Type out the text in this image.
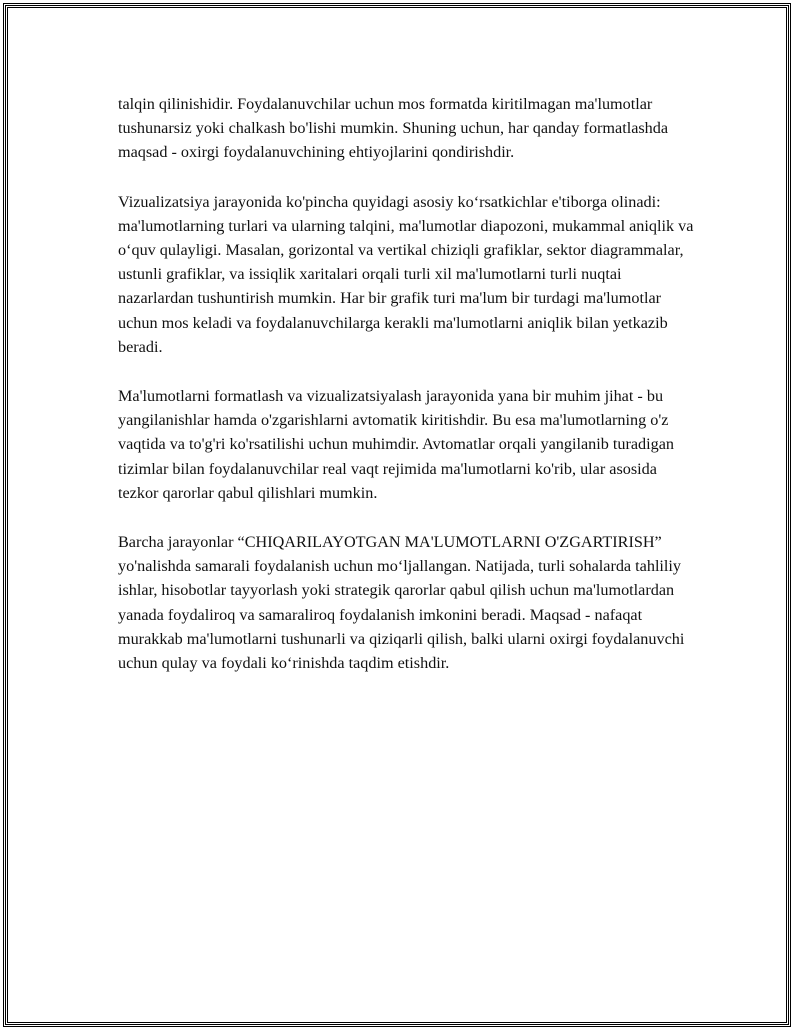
talqin qilinishidir. Foydalanuvchilar uchun mos formatda kiritilmagan ma'lumotlar tushunarsiz yoki chalkash bo'lishi mumkin. Shuning uchun, har qanday formatlashda maqsad - oxirgi foydalanuvchining ehtiyojlarini qondirishdir.

Vizualizatsiya jarayonida ko'pincha quyidagi asosiy ko‘rsatkichlar e'tiborga olinadi: ma'lumotlarning turlari va ularning talqini, ma'lumotlar diapozoni, mukammal aniqlik va o‘quv qulayligi. Masalan, gorizontal va vertikal chiziqli grafiklar, sektor diagrammalar, ustunli grafiklar, va issiqlik xaritalari orqali turli xil ma'lumotlarni turli nuqtai nazarlardan tushuntirish mumkin. Har bir grafik turi ma'lum bir turdagi ma'lumotlar uchun mos keladi va foydalanuvchilarga kerakli ma'lumotlarni aniqlik bilan yetkazib beradi.

Ma'lumotlarni formatlash va vizualizatsiyalash jarayonida yana bir muhim jihat - bu yangilanishlar hamda o'zgarishlarni avtomatik kiritishdir. Bu esa ma'lumotlarning o'z vaqtida va to'g'ri ko'rsatilishi uchun muhimdir. Avtomatlar orqali yangilanib turadigan tizimlar bilan foydalanuvchilar real vaqt rejimida ma'lumotlarni ko'rib, ular asosida tezkor qarorlar qabul qilishlari mumkin.

Barcha jarayonlar “CHIQARILAYOTGAN MA'LUMOTLARNI O'ZGARTIRISH” yo'nalishda samarali foydalanish uchun mo‘ljallangan. Natijada, turli sohalarda tahliliy ishlar, hisobotlar tayyorlash yoki strategik qarorlar qabul qilish uchun ma'lumotlardan yanada foydaliroq va samaraliroq foydalanish imkonini beradi. Maqsad - nafaqat murakkab ma'lumotlarni tushunarli va qiziqarli qilish, balki ularni oxirgi foydalanuvchi uchun qulay va foydali ko‘rinishda taqdim etishdir.
